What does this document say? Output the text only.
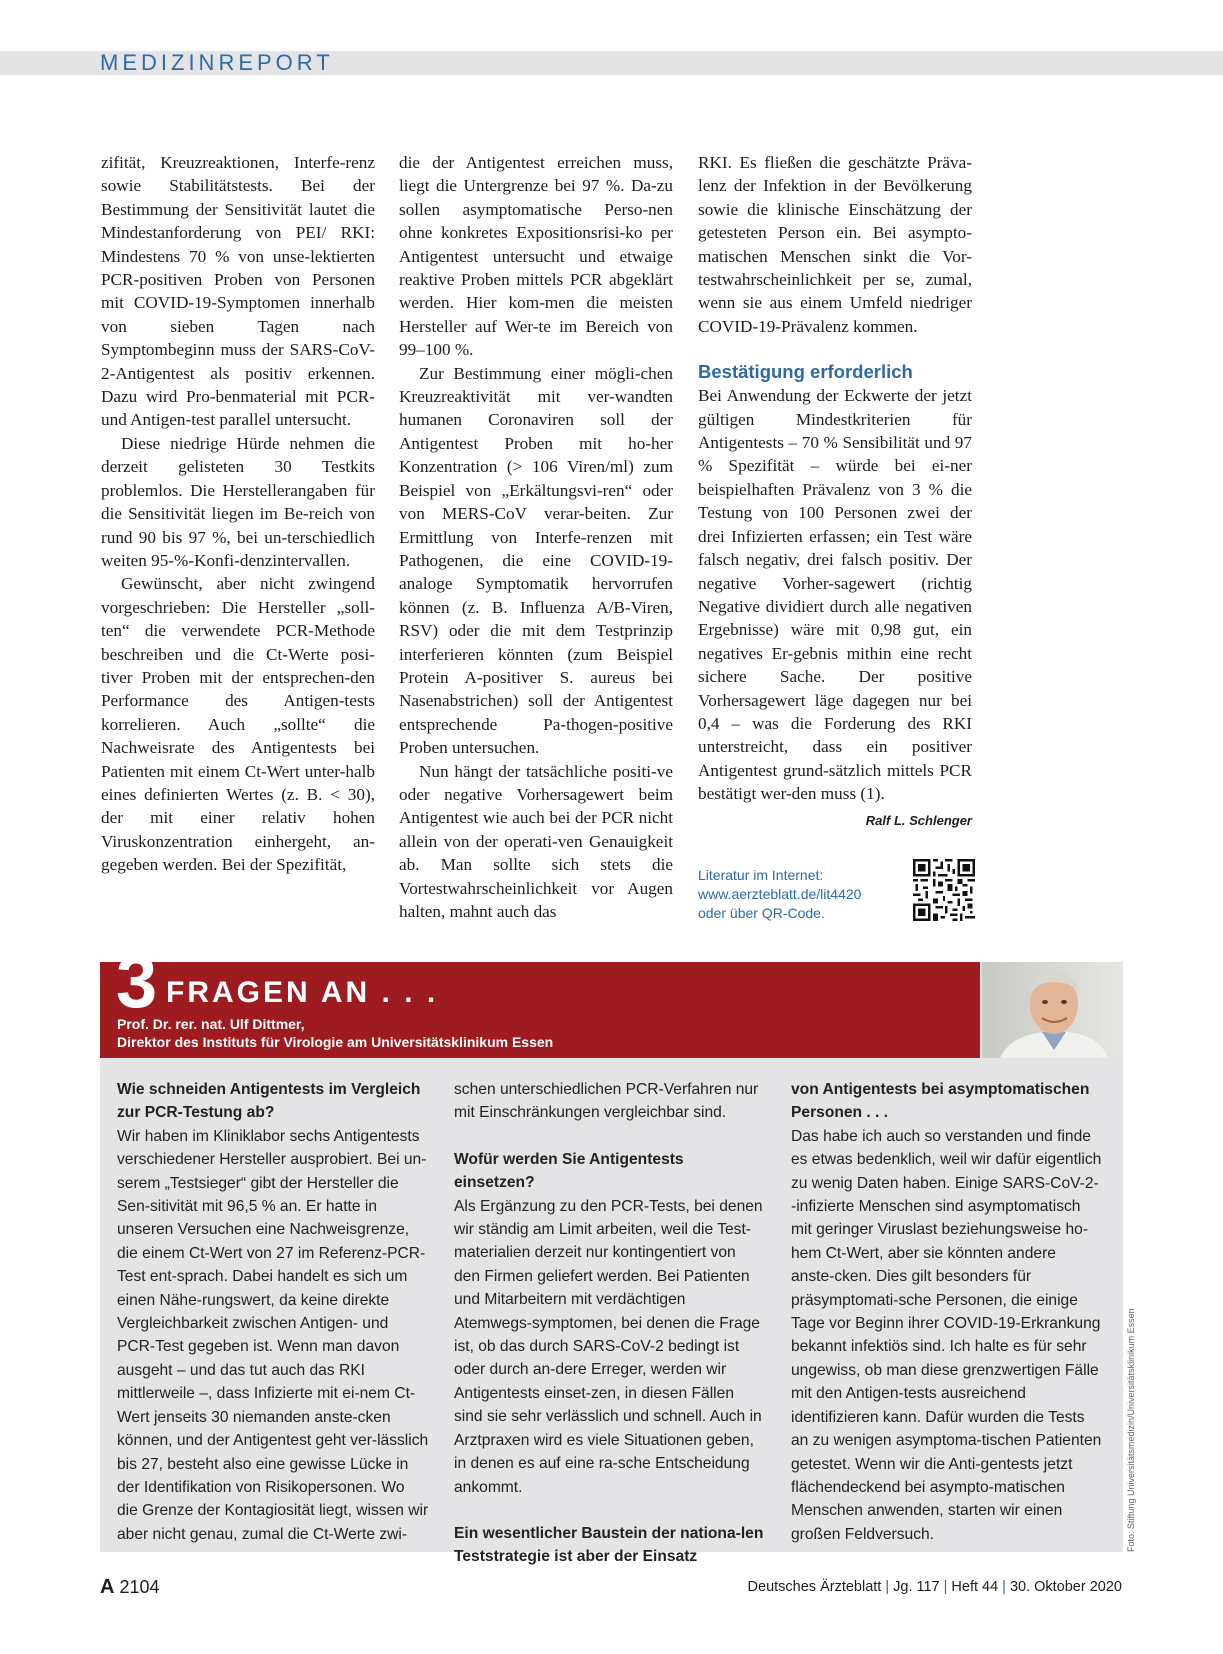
MEDIZINREPORT

zifität, Kreuzreaktionen, Interfe-renz sowie Stabilitätstests. Bei der Bestimmung der Sensitivität lautet die Mindestanforderung von PEI/ RKI: Mindestens 70 % von unse-lektierten PCR-positiven Proben von Personen mit COVID-19-Symptomen innerhalb von sieben Tagen nach Symptombeginn muss der SARS-CoV-2-Antigentest als positiv erkennen. Dazu wird Pro-benmaterial mit PCR- und Antigen-test parallel untersucht.

Diese niedrige Hürde nehmen die derzeit gelisteten 30 Testkits problemlos. Die Herstellerangaben für die Sensitivität liegen im Be-reich von rund 90 bis 97 %, bei un-terschiedlich weiten 95-%-Konfi-denzintervallen.

Gewünscht, aber nicht zwingend vorgeschrieben: Die Hersteller „soll-ten“ die verwendete PCR-Methode beschreiben und die Ct-Werte posi-tiver Proben mit der entsprechen-den Performance des Antigen-tests korrelieren. Auch „sollte“ die Nachweisrate des Antigentests bei Patienten mit einem Ct-Wert unter-halb eines definierten Wertes (z. B. < 30), der mit einer relativ hohen Viruskonzentration einhergeht, an-gegeben werden. Bei der Spezifität,

die der Antigentest erreichen muss, liegt die Untergrenze bei 97 %. Da-zu sollen asymptomatische Perso-nen ohne konkretes Expositionsrisi-ko per Antigentest untersucht und etwaige reaktive Proben mittels PCR abgeklärt werden. Hier kom-men die meisten Hersteller auf Wer-te im Bereich von 99–100 %.

Zur Bestimmung einer mögli-chen Kreuzreaktivität mit ver-wandten humanen Coronaviren soll der Antigentest Proben mit ho-her Konzentration (> 106 Viren/ml) zum Beispiel von „Erkältungsvi-ren“ oder von MERS-CoV verar-beiten. Zur Ermittlung von Interfe-renzen mit Pathogenen, die eine COVID-19-analoge Symptomatik hervorrufen können (z. B. Influenza A/B-Viren, RSV) oder die mit dem Testprinzip interferieren könnten (zum Beispiel Protein A-positiver S. aureus bei Nasenabstrichen) soll der Antigentest entsprechende Pa-thogen-positive Proben untersuchen.

Nun hängt der tatsächliche positi-ve oder negative Vorhersagewert beim Antigentest wie auch bei der PCR nicht allein von der operati-ven Genauigkeit ab. Man sollte sich stets die Vortestwahrscheinlichkeit vor Augen halten, mahnt auch das

RKI. Es fließen die geschätzte Präva-lenz der Infektion in der Bevölkerung sowie die klinische Einschätzung der getesteten Person ein. Bei asympto-matischen Menschen sinkt die Vor-testwahrscheinlichkeit per se, zumal, wenn sie aus einem Umfeld niedriger COVID-19-Prävalenz kommen.

Bestätigung erforderlich

Bei Anwendung der Eckwerte der jetzt gültigen Mindestkriterien für Antigentests – 70 % Sensibilität und 97 % Spezifität – würde bei ei-ner beispielhaften Prävalenz von 3 % die Testung von 100 Personen zwei der drei Infizierten erfassen; ein Test wäre falsch negativ, drei falsch positiv. Der negative Vorher-sagewert (richtig Negative dividiert durch alle negativen Ergebnisse) wäre mit 0,98 gut, ein negatives Er-gebnis mithin eine recht sichere Sache. Der positive Vorhersagewert läge dagegen nur bei 0,4 – was die Forderung des RKI unterstreicht, dass ein positiver Antigentest grund-sätzlich mittels PCR bestätigt wer-den muss (1).
Ralf L. Schlenger

Literatur im Internet:
www.aerzteblatt.de/lit4420
oder über QR-Code.
3 FRAGEN AN . . .
Prof. Dr. rer. nat. Ulf Dittmer,
Direktor des Instituts für Virologie am Universitätsklinikum Essen

Wie schneiden Antigentests im Vergleich zur PCR-Testung ab?

Wir haben im Kliniklabor sechs Antigentests verschiedener Hersteller ausprobiert. Bei un-serem „Testsieger“ gibt der Hersteller die Sen-sitivität mit 96,5 % an. Er hatte in unseren Versuchen eine Nachweisgrenze, die einem Ct-Wert von 27 im Referenz-PCR-Test ent-sprach. Dabei handelt es sich um einen Nähe-rungswert, da keine direkte Vergleichbarkeit zwischen Antigen- und PCR-Test gegeben ist. Wenn man davon ausgeht – und das tut auch das RKI mittlerweile –, dass Infizierte mit ei-nem Ct-Wert jenseits 30 niemanden anste-cken können, und der Antigentest geht ver-lässlich bis 27, besteht also eine gewisse Lücke in der Identifikation von Risikopersonen. Wo die Grenze der Kontagiosität liegt, wissen wir aber nicht genau, zumal die Ct-Werte zwi-

schen unterschiedlichen PCR-Verfahren nur mit Einschränkungen vergleichbar sind.

Wofür werden Sie Antigentests einsetzen?

Als Ergänzung zu den PCR-Tests, bei denen wir ständig am Limit arbeiten, weil die Test-materialien derzeit nur kontingentiert von den Firmen geliefert werden. Bei Patienten und Mitarbeitern mit verdächtigen Atemwegs-symptomen, bei denen die Frage ist, ob das durch SARS-CoV-2 bedingt ist oder durch an-dere Erreger, werden wir Antigentests einset-zen, in diesen Fällen sind sie sehr verlässlich und schnell. Auch in Arztpraxen wird es viele Situationen geben, in denen es auf eine ra-sche Entscheidung ankommt.

Ein wesentlicher Baustein der nationa-len Teststrategie ist aber der Einsatz

von Antigentests bei asymptomatischen Personen . . .

Das habe ich auch so verstanden und finde es etwas bedenklich, weil wir dafür eigentlich zu wenig Daten haben. Einige SARS-CoV-2--infizierte Menschen sind asymptomatisch mit geringer Viruslast beziehungsweise ho-hem Ct-Wert, aber sie könnten andere anste-cken. Dies gilt besonders für präsymptomati-sche Personen, die einige Tage vor Beginn ihrer COVID-19-Erkrankung bekannt infektiös sind. Ich halte es für sehr ungewiss, ob man diese grenzwertigen Fälle mit den Antigen-tests ausreichend identifizieren kann. Dafür wurden die Tests an zu wenigen asymptoma-tischen Patienten getestet. Wenn wir die Anti-gentests jetzt flächendeckend bei asympto-matischen Menschen anwenden, starten wir einen großen Feldversuch.	Foto: Stiftung Universitätsmedizin/Universitätsklinikum Essen
A 2104	Deutsches Ärzteblatt | Jg. 117 | Heft 44 | 30. Oktober 2020
